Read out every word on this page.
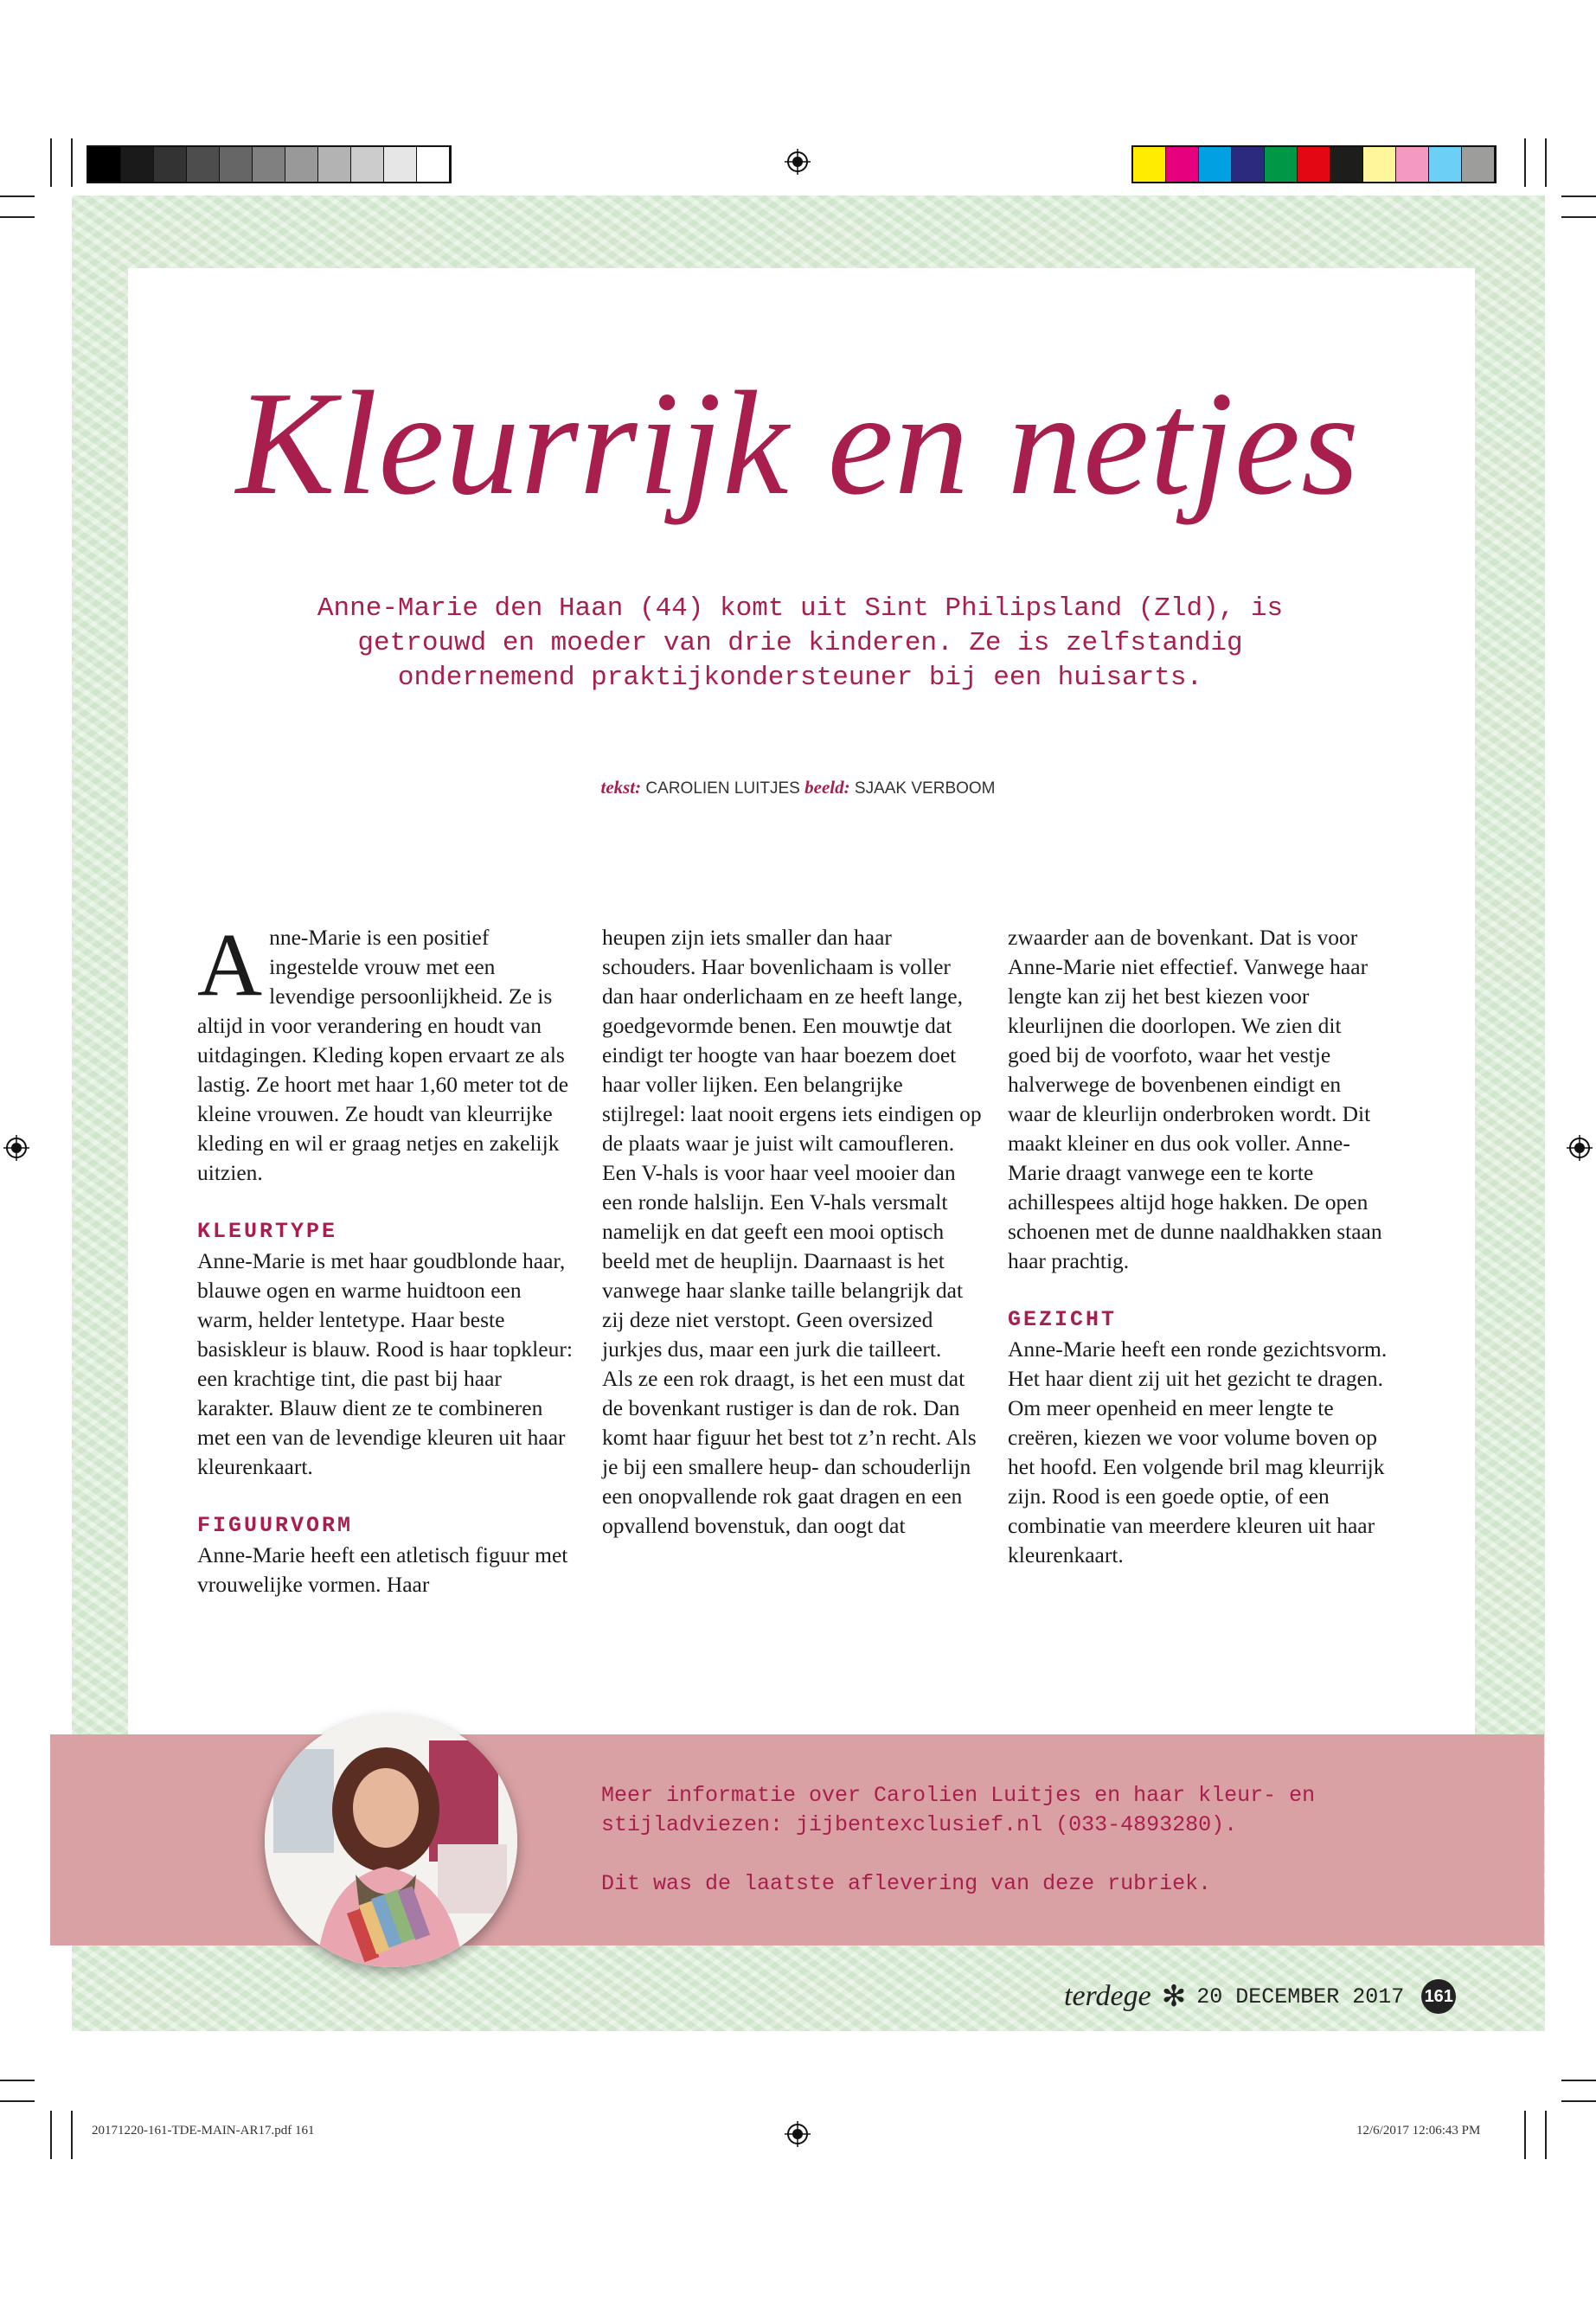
Kleurrijk en netjes
Anne-Marie den Haan (44) komt uit Sint Philipsland (Zld), is getrouwd en moeder van drie kinderen. Ze is zelfstandig ondernemend praktijkondersteuner bij een huisarts.
tekst: CAROLIEN LUITJES beeld: SJAAK VERBOOM

Anne-Marie is een positief ingestelde vrouw met een levendige persoonlijkheid. Ze is altijd in voor verandering en houdt van uitdagingen. Kleding kopen ervaart ze als lastig. Ze hoort met haar 1,60 meter tot de kleine vrouwen. Ze houdt van kleurrijke kleding en wil er graag netjes en zakelijk uitzien.

KLEURTYPE

Anne-Marie is met haar goudblonde haar, blauwe ogen en warme huidtoon een warm, helder lentetype. Haar beste basiskleur is blauw. Rood is haar topkleur: een krachtige tint, die past bij haar karakter. Blauw dient ze te combineren met een van de levendige kleuren uit haar kleurenkaart.

FIGUURVORM

Anne-Marie heeft een atletisch figuur met vrouwelijke vormen. Haar

heupen zijn iets smaller dan haar schouders. Haar bovenlichaam is voller dan haar onderlichaam en ze heeft lange, goedgevormde benen. Een mouwtje dat eindigt ter hoogte van haar boezem doet haar voller lijken. Een belangrijke stijlregel: laat nooit ergens iets eindigen op de plaats waar je juist wilt camoufleren.

Een V-hals is voor haar veel mooier dan een ronde halslijn. Een V-hals versmalt namelijk en dat geeft een mooi optisch beeld met de heuplijn. Daarnaast is het vanwege haar slanke taille belangrijk dat zij deze niet verstopt. Geen oversized jurkjes dus, maar een jurk die tailleert.

Als ze een rok draagt, is het een must dat de bovenkant rustiger is dan de rok. Dan komt haar figuur het best tot z’n recht. Als je bij een smallere heup- dan schouderlijn een onopvallende rok gaat dragen en een opvallend bovenstuk, dan oogt dat

zwaarder aan de bovenkant. Dat is voor Anne-Marie niet effectief. Vanwege haar lengte kan zij het best kiezen voor kleurlijnen die doorlopen. We zien dit goed bij de voorfoto, waar het vestje halverwege de bovenbenen eindigt en waar de kleurlijn onderbroken wordt. Dit maakt kleiner en dus ook voller. Anne-Marie draagt vanwege een te korte achillespees altijd hoge hakken. De open schoenen met de dunne naaldhakken staan haar prachtig.

GEZICHT

Anne-Marie heeft een ronde gezichtsvorm. Het haar dient zij uit het gezicht te dragen. Om meer openheid en meer lengte te creëren, kiezen we voor volume boven op het hoofd. Een volgende bril mag kleurrijk zijn. Rood is een goede optie, of een combinatie van meerdere kleuren uit haar kleurenkaart.

Meer informatie over Carolien Luitjes en haar kleur- en stijladviezen: jijbentexclusief.nl (033-4893280).

Dit was de laatste aflevering van deze rubriek.

terdege ✻ 20 DECEMBER 2017 161
20171220-161-TDE-MAIN-AR17.pdf 161	12/6/2017 12:06:43 PM
